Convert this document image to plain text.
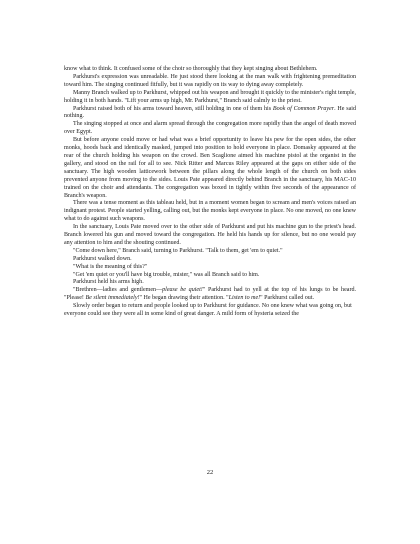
know what to think. It confused some of the choir so thoroughly that they kept singing about Bethlehem.

Parkhurst's expression was unreadable. He just stood there looking at the man walk with frightening premeditation toward him. The singing continued fitfully, but it was rapidly on its way to dying away completely.

Manny Branch walked up to Parkhurst, whipped out his weapon and brought it quickly to the minister's right temple, holding it in both hands. "Lift your arms up high, Mr. Parkhurst," Branch said calmly to the priest.

Parkhurst raised both of his arms toward heaven, still holding in one of them his Book of Common Prayer. He said nothing.

The singing stopped at once and alarm spread through the congregation more rapidly than the angel of death moved over Egypt.

But before anyone could move or had what was a brief opportunity to leave his pew for the open sides, the other monks, hoods back and identically masked, jumped into position to hold everyone in place. Domasky appeared at the rear of the church holding his weapon on the crowd. Ben Scaglione aimed his machine pistol at the organist in the gallery, and stood on the rail for all to see. Nick Ritter and Marcus Riley appeared at the gaps on either side of the sanctuary. The high wooden latticework between the pillars along the whole length of the church on both sides prevented anyone from moving to the sides. Louis Pate appeared directly behind Branch in the sanctuary, his MAC-10 trained on the choir and attendants. The congregation was boxed in tightly within five seconds of the appearance of Branch's weapon.

There was a tense moment as this tableau held, but in a moment women began to scream and men's voices raised an indignant protest. People started yelling, calling out, but the monks kept everyone in place. No one moved, no one knew what to do against such weapons.

In the sanctuary, Louis Pate moved over to the other side of Parkhurst and put his machine gun to the priest's head. Branch lowered his gun and moved toward the congregation. He held his hands up for silence, but no one would pay any attention to him and the shouting continued.

"Come down here," Branch said, turning to Parkhurst. "Talk to them, get 'em to quiet."

Parkhurst walked down.

"What is the meaning of this?"

"Get 'em quiet or you'll have big trouble, mister," was all Branch said to him.

Parkhurst held his arms high.

"Brethren—ladies and gentlemen—please be quiet!" Parkhurst had to yell at the top of his lungs to be heard. "Please! Be silent immediately!" He began drawing their attention. "Listen to me!" Parkhurst called out.

Slowly order began to return and people looked up to Parkhurst for guidance. No one knew what was going on, but everyone could see they were all in some kind of great danger. A mild form of hysteria seized the

22
